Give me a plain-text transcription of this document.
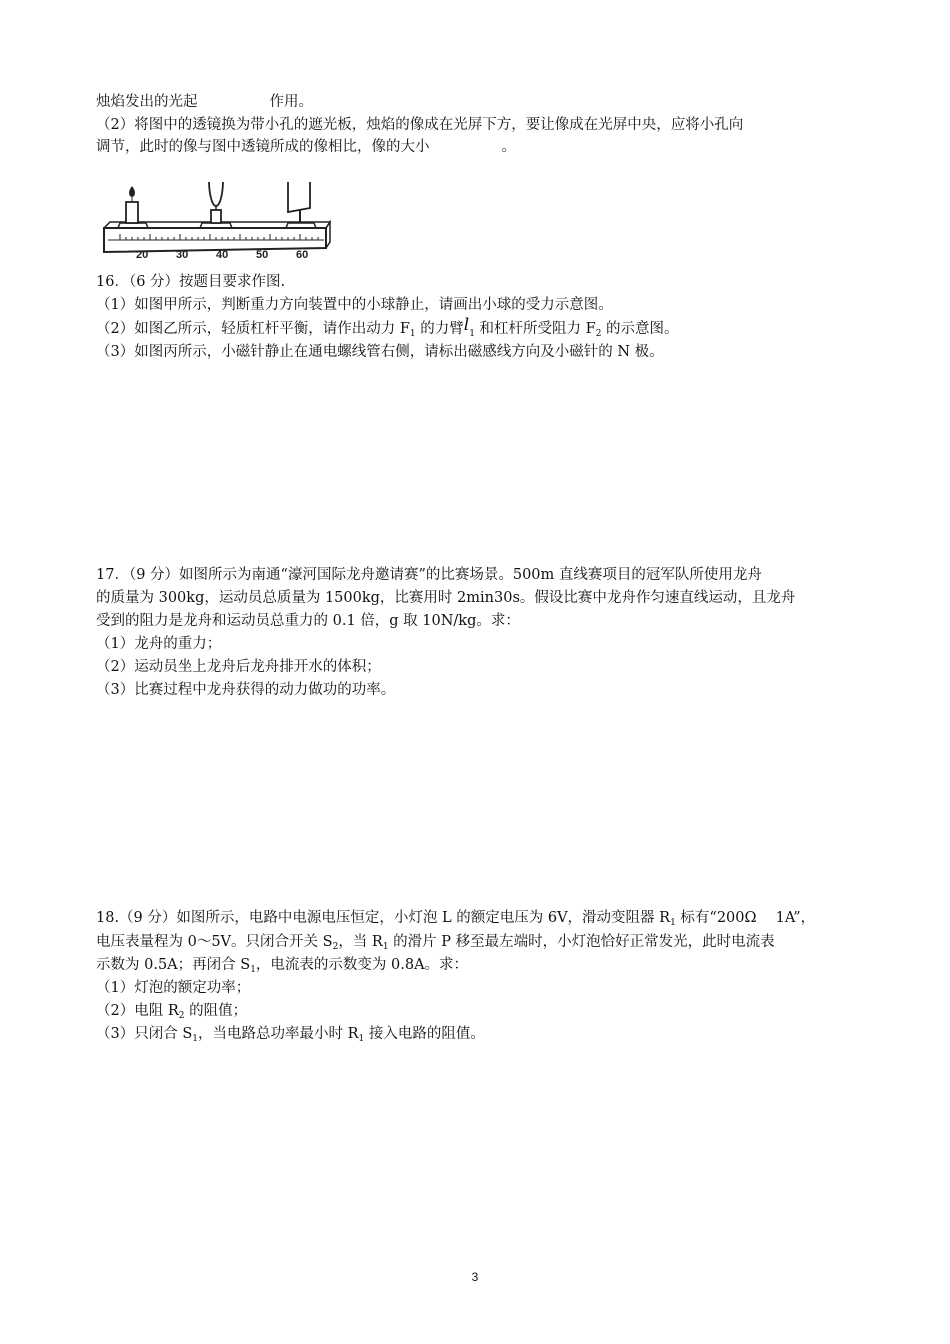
烛焰发出的光起	作用。
（2）将图中的透镜换为带小孔的遮光板，烛焰的像成在光屏下方，要让像成在光屏中央，应将小孔向
调节，此时的像与图中透镜所成的像相比，像的大小	。
20	30	40	50	60
16．（6 分）按题目要求作图.
（1）如图甲所示，判断重力方向装置中的小球静止，请画出小球的受力示意图。
（2）如图乙所示，轻质杠杆平衡，请作出动力 $F_1$ 的力臂$l_1$ 和杠杆所受阻力 $F_2$ 的示意图。
（3）如图丙所示，小磁针静止在通电螺线管右侧，请标出磁感线方向及小磁针的 N 极。
17．（9 分）如图所示为南通“濠河国际龙舟邀请赛”的比赛场景。500m 直线赛项目的冠军队所使用龙舟
的质量为 300kg，运动员总质量为 1500kg，比赛用时 2min30s。假设比赛中龙舟作匀速直线运动，且龙舟
受到的阻力是龙舟和运动员总重力的 0.1 倍，g 取 10N/kg。求：
（1）龙舟的重力；
（2）运动员坐上龙舟后龙舟排开水的体积；
（3）比赛过程中龙舟获得的动力做功的功率。
18.（9 分）如图所示，电路中电源电压恒定，小灯泡 L 的额定电压为 6V，滑动变阻器 $R_1$ 标有“200Ω　 1A”，
电压表量程为 0～5V。只闭合开关 $S_2$，当 $R_1$ 的滑片 P 移至最左端时，小灯泡恰好正常发光，此时电流表
示数为 0.5A；再闭合 $S_1$，电流表的示数变为 0.8A。求：
（1）灯泡的额定功率；
（2）电阻 $R_2$ 的阻值；
（3）只闭合 $S_1$，当电路总功率最小时 $R_1$ 接入电路的阻值。
3
